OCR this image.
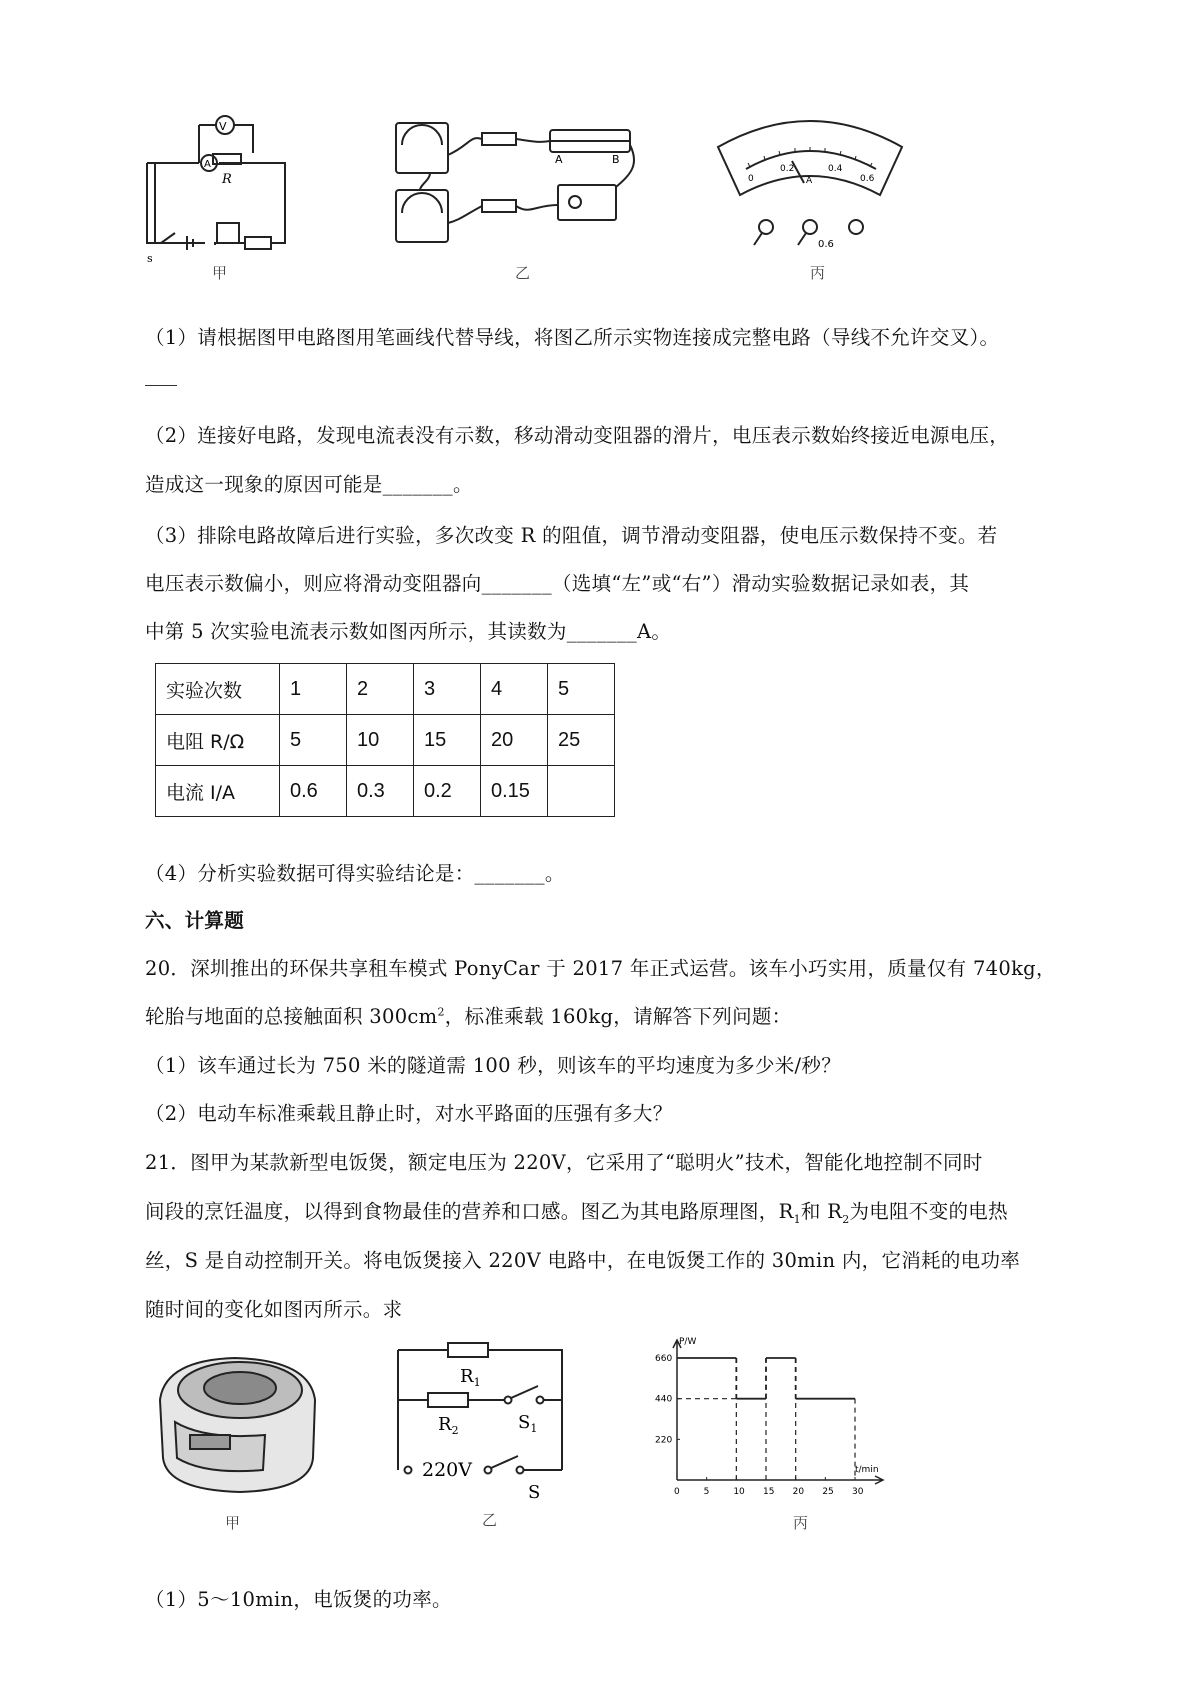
V
A
R
s
甲
A	B
乙
0
0.2	0.4
0.6
A
0.6
丙
（1）请根据图甲电路图用笔画线代替导线，将图乙所示实物连接成完整电路（导线不允许交叉）。
（2）连接好电路，发现电流表没有示数，移动滑动变阻器的滑片，电压表示数始终接近电源电压，
造成这一现象的原因可能是_______。
（3）排除电路故障后进行实验，多次改变 R 的阻值，调节滑动变阻器，使电压示数保持不变。若
电压表示数偏小，则应将滑动变阻器向_______（选填“左”或“右”）滑动实验数据记录如表，其
中第 5 次实验电流表示数如图丙所示，其读数为_______A。
实验次数	1	2	3	4	5
电阻 R/Ω	5	10	15	20	25
电流 I/A	0.6	0.3	0.2	0.15	
（4）分析实验数据可得实验结论是：_______。
六、计算题
20．深圳推出的环保共享租车模式 PonyCar 于 2017 年正式运营。该车小巧实用，质量仅有 740kg，
轮胎与地面的总接触面积 $300cm^2$，标准乘载 160kg，请解答下列问题：
（1）该车通过长为 750 米的隧道需 100 秒，则该车的平均速度为多少米/秒？
（2）电动车标准乘载且静止时，对水平路面的压强有多大？
21．图甲为某款新型电饭煲，额定电压为 220V，它采用了“聪明火”技术，智能化地控制不同时
间段的烹饪温度，以得到食物最佳的营养和口感。图乙为其电路原理图，$R_1$和 $R_2$为电阻不变的电热
丝，S 是自动控制开关。将电饭煲接入 220V 电路中，在电饭煲工作的 30min 内，它消耗的电功率
随时间的变化如图丙所示。求
甲
$R_1$
$R_2$	$S_1$
220V
S
乙
P/W
t/min
0	5	10 15 20 25 30
220
440
660
丙
（1）5～10min，电饭煲的功率。
